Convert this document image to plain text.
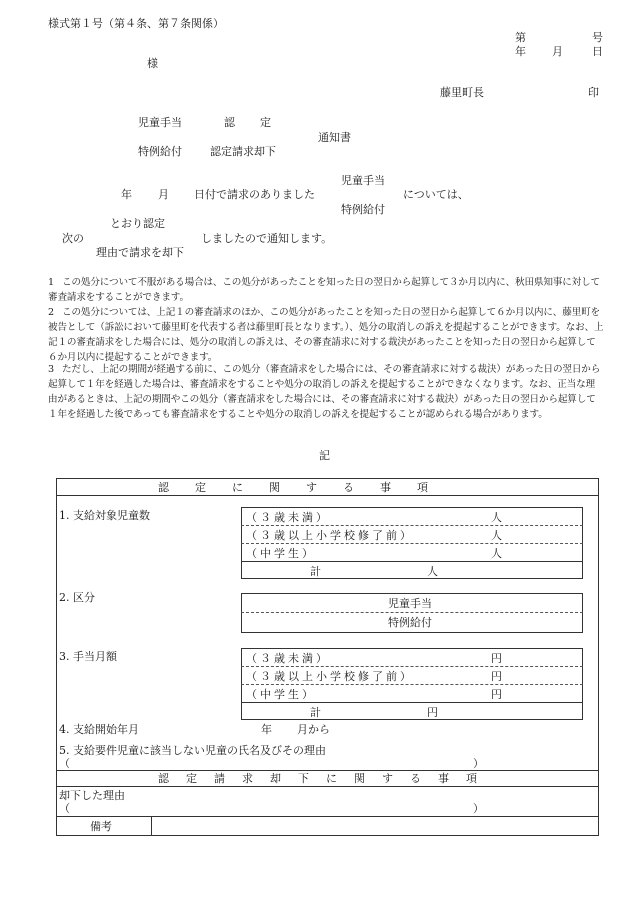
様式第１号（第４条、第７条関係）
第	号
年 月	日
様
藤里町長	印
児童手当	認 定
通知書
特例給付	認定請求却下
児童手当
年 月 日付で請求のありました	については、
特例給付
とおり認定
次の	しましたので通知します。
理由で請求を却下
1 この処分について不服がある場合は、この処分があったことを知った日の翌日から起算して３か月以内に、秋田県知事に対して審査請求をすることができます。
2 この処分については、上記１の審査請求のほか、この処分があったことを知った日の翌日から起算して６か月以内に、藤里町を被告として（訴訟において藤里町を代表する者は藤里町長となります。）、処分の取消しの訴えを提起することができます。なお、上記１の審査請求をした場合には、処分の取消しの訴えは、その審査請求に対する裁決があったことを知った日の翌日から起算して６か月以内に提起することができます。
3 ただし、上記の期間が経過する前に、この処分（審査請求をした場合には、その審査請求に対する裁決）があった日の翌日から起算して１年を経過した場合は、審査請求をすることや処分の取消しの訴えを提起することができなくなります。なお、正当な理由があるときは、上記の期間やこの処分（審査請求をした場合には、その審査請求に対する裁決）があった日の翌日から起算して１年を経過した後であっても審査請求をすることや処分の取消しの訴えを提起することが認められる場合があります。
記
認定に関する事項
1. 支給対象児童数	（３歳未満）	人
（３歳以上小学校修了前）	人
（中学生）	人
計	人
2. 区分	児童手当
特例給付
3. 手当月額	（３歳未満）	円
（３歳以上小学校修了前）	円
（中学生）	円
計	円
4. 支給開始年月	年 月から
5. 支給要件児童に該当しない児童の氏名及びその理由
（	）
認定請求却下に関する事項
却下した理由
（	）
備考
